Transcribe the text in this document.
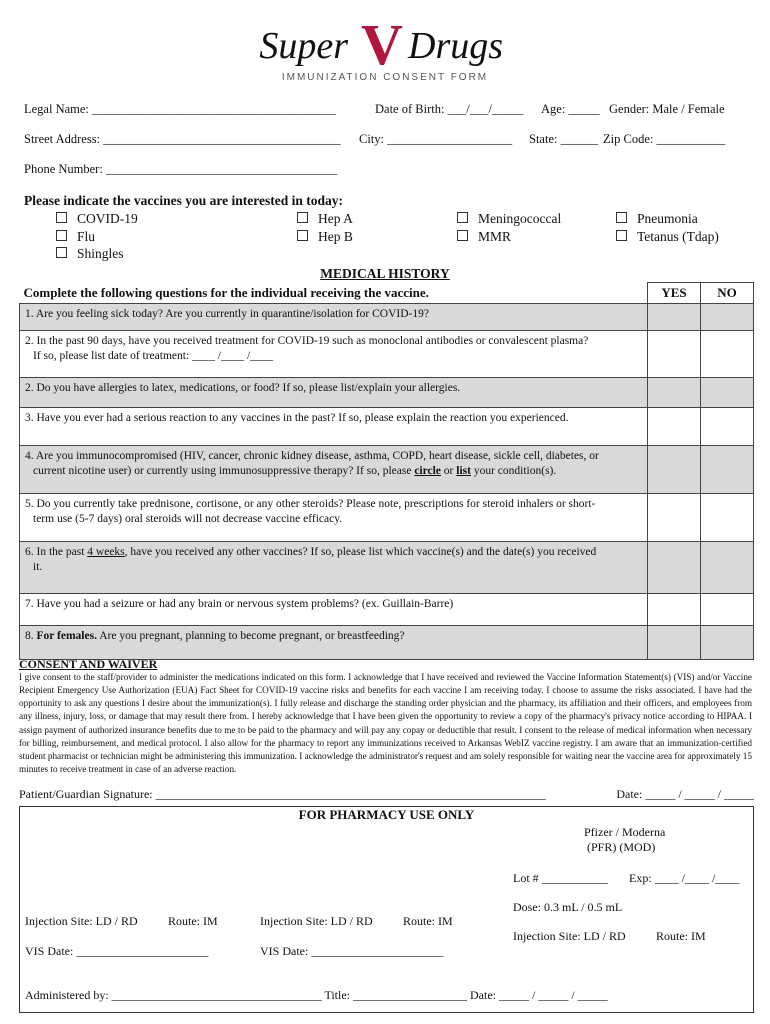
Super V Drugs
IMMUNIZATION CONSENT FORM
Legal Name: _______________________________________	Date of Birth: ___/___/_____ Age: _____ Gender: Male / Female
Street Address: ______________________________________ City: ____________________ State: ______ Zip Code: ___________
Phone Number: _____________________________________
Please indicate the vaccines you are interested in today:
COVID-19
Flu
Shingles
Hep A
Hep B
Meningococcal
MMR
Pneumonia
Tetanus (Tdap)
MEDICAL HISTORY
Complete the following questions for the individual receiving the vaccine.	YES	NO
1. Are you feeling sick today? Are you currently in quarantine/isolation for COVID-19?		
2. In the past 90 days, have you received treatment for COVID-19 such as monoclonal antibodies or convalescent plasma?
If so, please list date of treatment: ____ /____ /____		
2. Do you have allergies to latex, medications, or food? If so, please list/explain your allergies.		
3. Have you ever had a serious reaction to any vaccines in the past? If so, please explain the reaction you experienced.		
4. Are you immunocompromised (HIV, cancer, chronic kidney disease, asthma, COPD, heart disease, sickle cell, diabetes, or
current nicotine user) or currently using immunosuppressive therapy? If so, please circle or list your condition(s).		
5. Do you currently take prednisone, cortisone, or any other steroids? Please note, prescriptions for steroid inhalers or short-
term use (5-7 days) oral steroids will not decrease vaccine efficacy.		
6. In the past 4 weeks, have you received any other vaccines? If so, please list which vaccine(s) and the date(s) you received
it.		
7. Have you had a seizure or had any brain or nervous system problems? (ex. Guillain-Barre)		
8. For females. Are you pregnant, planning to become pregnant, or breastfeeding?		
CONSENT AND WAIVER
I give consent to the staff/provider to administer the medications indicated on this form. I acknowledge that I have received and reviewed the Vaccine Information Statement(s) (VIS) and/or Vaccine Recipient Emergency Use Authorization (EUA) Fact Sheet for COVID-19 vaccine risks and benefits for each vaccine I am receiving today. I choose to assume the risks associated. I have had the opportunity to ask any questions I desire about the immunization(s). I fully release and discharge the standing order physician and the pharmacy, its affiliation and their officers, and employees from any illness, injury, loss, or damage that may result there from. I hereby acknowledge that I have been given the opportunity to review a copy of the pharmacy's privacy notice according to HIPAA. I assign payment of authorized insurance benefits due to me to be paid to the pharmacy and will pay any copay or deductible that result. I consent to the release of medical information when necessary for billing, reimbursement, and medical protocol. I also allow for the pharmacy to report any immunizations received to Arkansas WebIZ vaccine registry. I am aware that an immunization-certified student pharmacist or technician might be administering this immunization. I acknowledge the administrator's request and am solely responsible for waiting near the vaccine area for approximately 15 minutes to receive treatment in case of an adverse reaction.
Patient/Guardian Signature: _________________________________________________________________	Date: _____ / _____ / _____
FOR PHARMACY USE ONLY
Pfizer / Moderna
(PFR) (MOD)
Lot # ___________ Exp: ____ /____ /____
Dose: 0.3 mL / 0.5 mL
Injection Site: LD / RD	Route: IM
VIS Date: ______________________
Injection Site: LD / RD	Route: IM
VIS Date: ______________________
Injection Site: LD / RD	Route: IM
Administered by: ___________________________________ Title: ___________________ Date: _____ / _____ / _____
